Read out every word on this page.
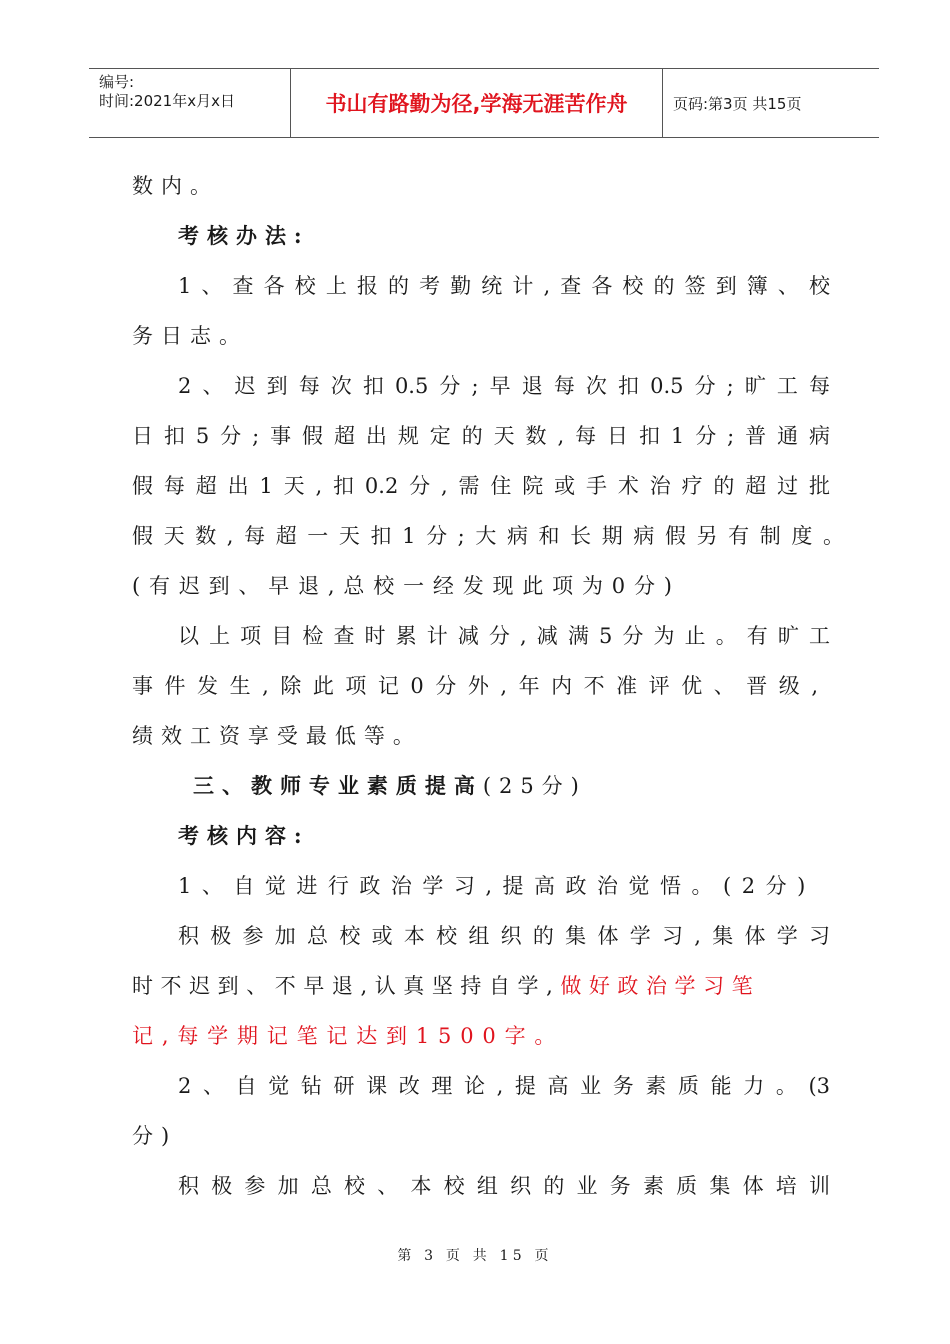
编号:
时间:2021年x月x日	书山有路勤为径,学海无涯苦作舟	页码:第3页 共15页
数内。
考核办法:
1、查各校上报的考勤统计,查各校的签到簿、校
务日志。
2、迟到每次扣0.5分;早退每次扣0.5分;旷工每
日扣5分;事假超出规定的天数,每日扣1分;普通病
假每超出1天,扣0.2分,需住院或手术治疗的超过批
假天数,每超一天扣1分;大病和长期病假另有制度。
(有迟到、早退,总校一经发现此项为0分)
以上项目检查时累计减分,减满5分为止。有旷工
事件发生,除此项记0分外,年内不准评优、晋级,
绩效工资享受最低等。
三、教师专业素质提高(25分)
考核内容:
1、自觉进行政治学习,提高政治觉悟。(2分)
积极参加总校或本校组织的集体学习,集体学习
时不迟到、不早退,认真坚持自学,做好政治学习笔
记,每学期记笔记达到1500字。
2、自觉钻研课改理论,提高业务素质能力。(3
分)
积极参加总校、本校组织的业务素质集体培训
第 3 页 共 15 页
